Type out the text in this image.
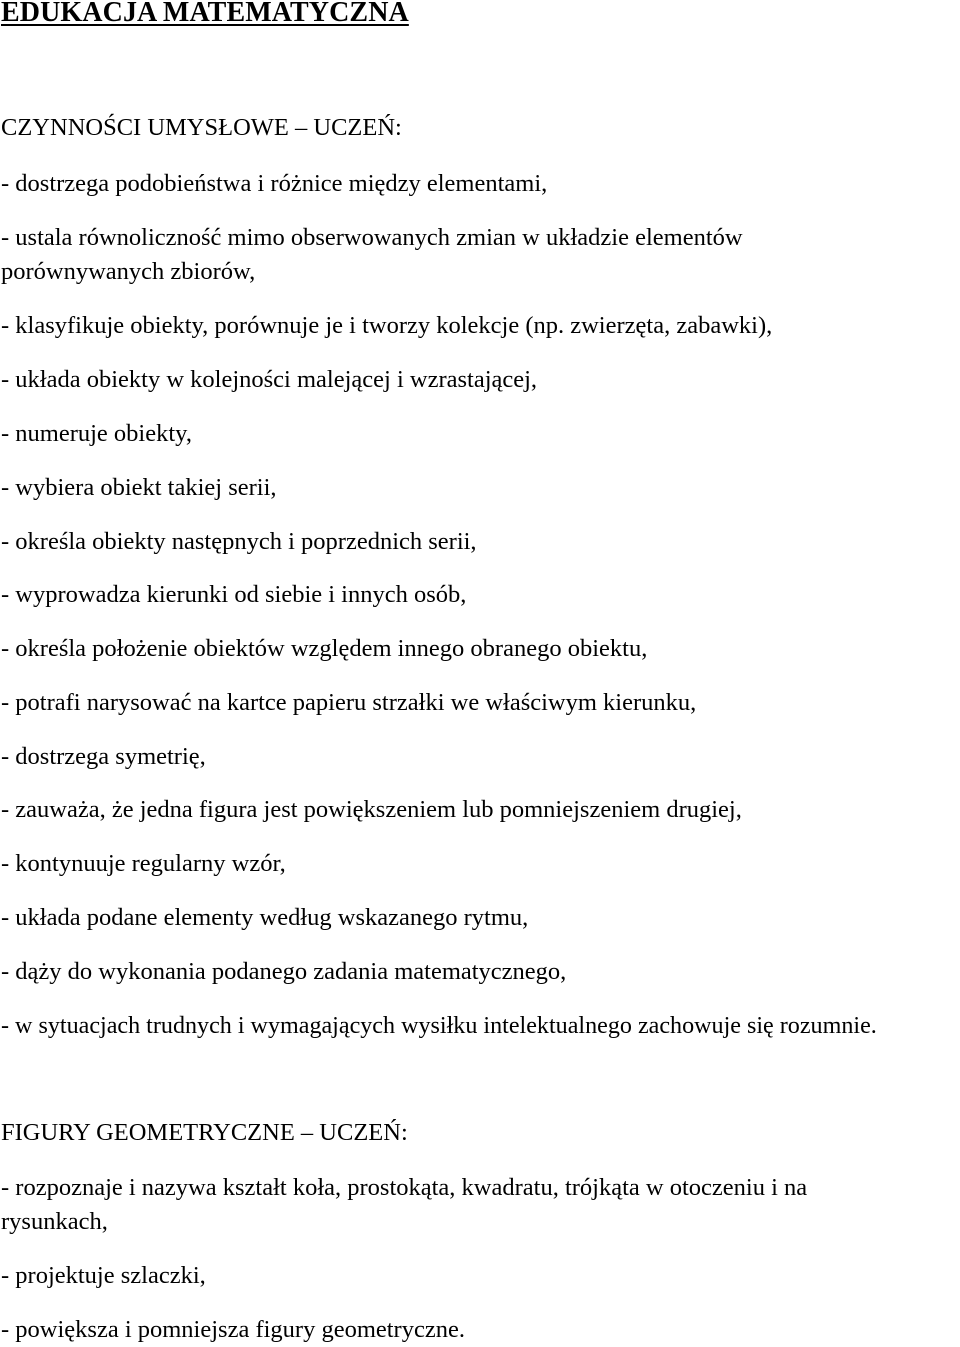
EDUKACJA MATEMATYCZNA
CZYNNOŚCI UMYSŁOWE – UCZEŃ:

- dostrzega podobieństwa i różnice między elementami,

- ustala równoliczność mimo obserwowanych zmian w układzie elementów
porównywanych zbiorów,

- klasyfikuje obiekty, porównuje je i tworzy kolekcje (np. zwierzęta, zabawki),

- układa obiekty w kolejności malejącej i wzrastającej,

- numeruje obiekty,

- wybiera obiekt takiej serii,

- określa obiekty następnych i poprzednich serii,

- wyprowadza kierunki od siebie i innych osób,

- określa położenie obiektów względem innego obranego obiektu,

- potrafi narysować na kartce papieru strzałki we właściwym kierunku,

- dostrzega symetrię,

- zauważa, że jedna figura jest powiększeniem lub pomniejszeniem drugiej,

- kontynuuje regularny wzór,

- układa podane elementy według wskazanego rytmu,

- dąży do wykonania podanego zadania matematycznego,

- w sytuacjach trudnych i wymagających wysiłku intelektualnego zachowuje się rozumnie.

FIGURY GEOMETRYCZNE – UCZEŃ:

- rozpoznaje i nazywa kształt koła, prostokąta, kwadratu, trójkąta w otoczeniu i na
rysunkach,

- projektuje szlaczki,

- powiększa i pomniejsza figury geometryczne.
